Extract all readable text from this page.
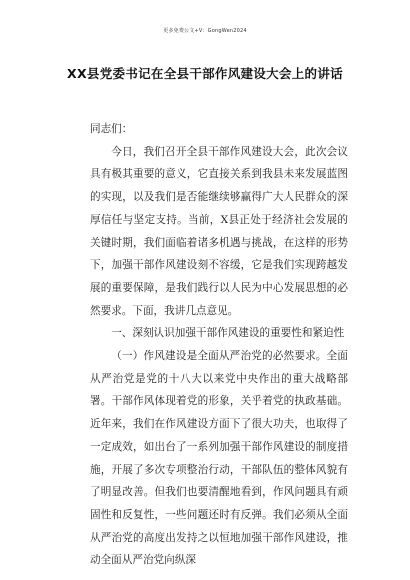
更多免费公文+V：GongWen2024
XX县党委书记在全县干部作风建设大会上的讲话

同志们：

今日，我们召开全县干部作风建设大会，此次会议具有极其重要的意义，它直接关系到我县未来发展蓝图的实现，以及我们是否能继续够赢得广大人民群众的深厚信任与坚定支持。当前，X县正处于经济社会发展的关键时期，我们面临着诸多机遇与挑战，在这样的形势下，加强干部作风建设刻不容缓，它是我们实现跨越发展的重要保障，是我们践行以人民为中心发展思想的必然要求。下面，我讲几点意见。

一、深刻认识加强干部作风建设的重要性和紧迫性

（一）作风建设是全面从严治党的必然要求。全面从严治党是党的十八大以来党中央作出的重大战略部署。干部作风体现着党的形象，关乎着党的执政基础。近年来，我们在作风建设方面下了很大功夫，也取得了一定成效，如出台了一系列加强干部作风建设的制度措施，开展了多次专项整治行动，干部队伍的整体风貌有了明显改善。但我们也要清醒地看到，作风问题具有顽固性和反复性，一些问题还时有反弹。我们必须从全面从严治党的高度出发持之以恒地加强干部作风建设，推动全面从严治党向纵深
